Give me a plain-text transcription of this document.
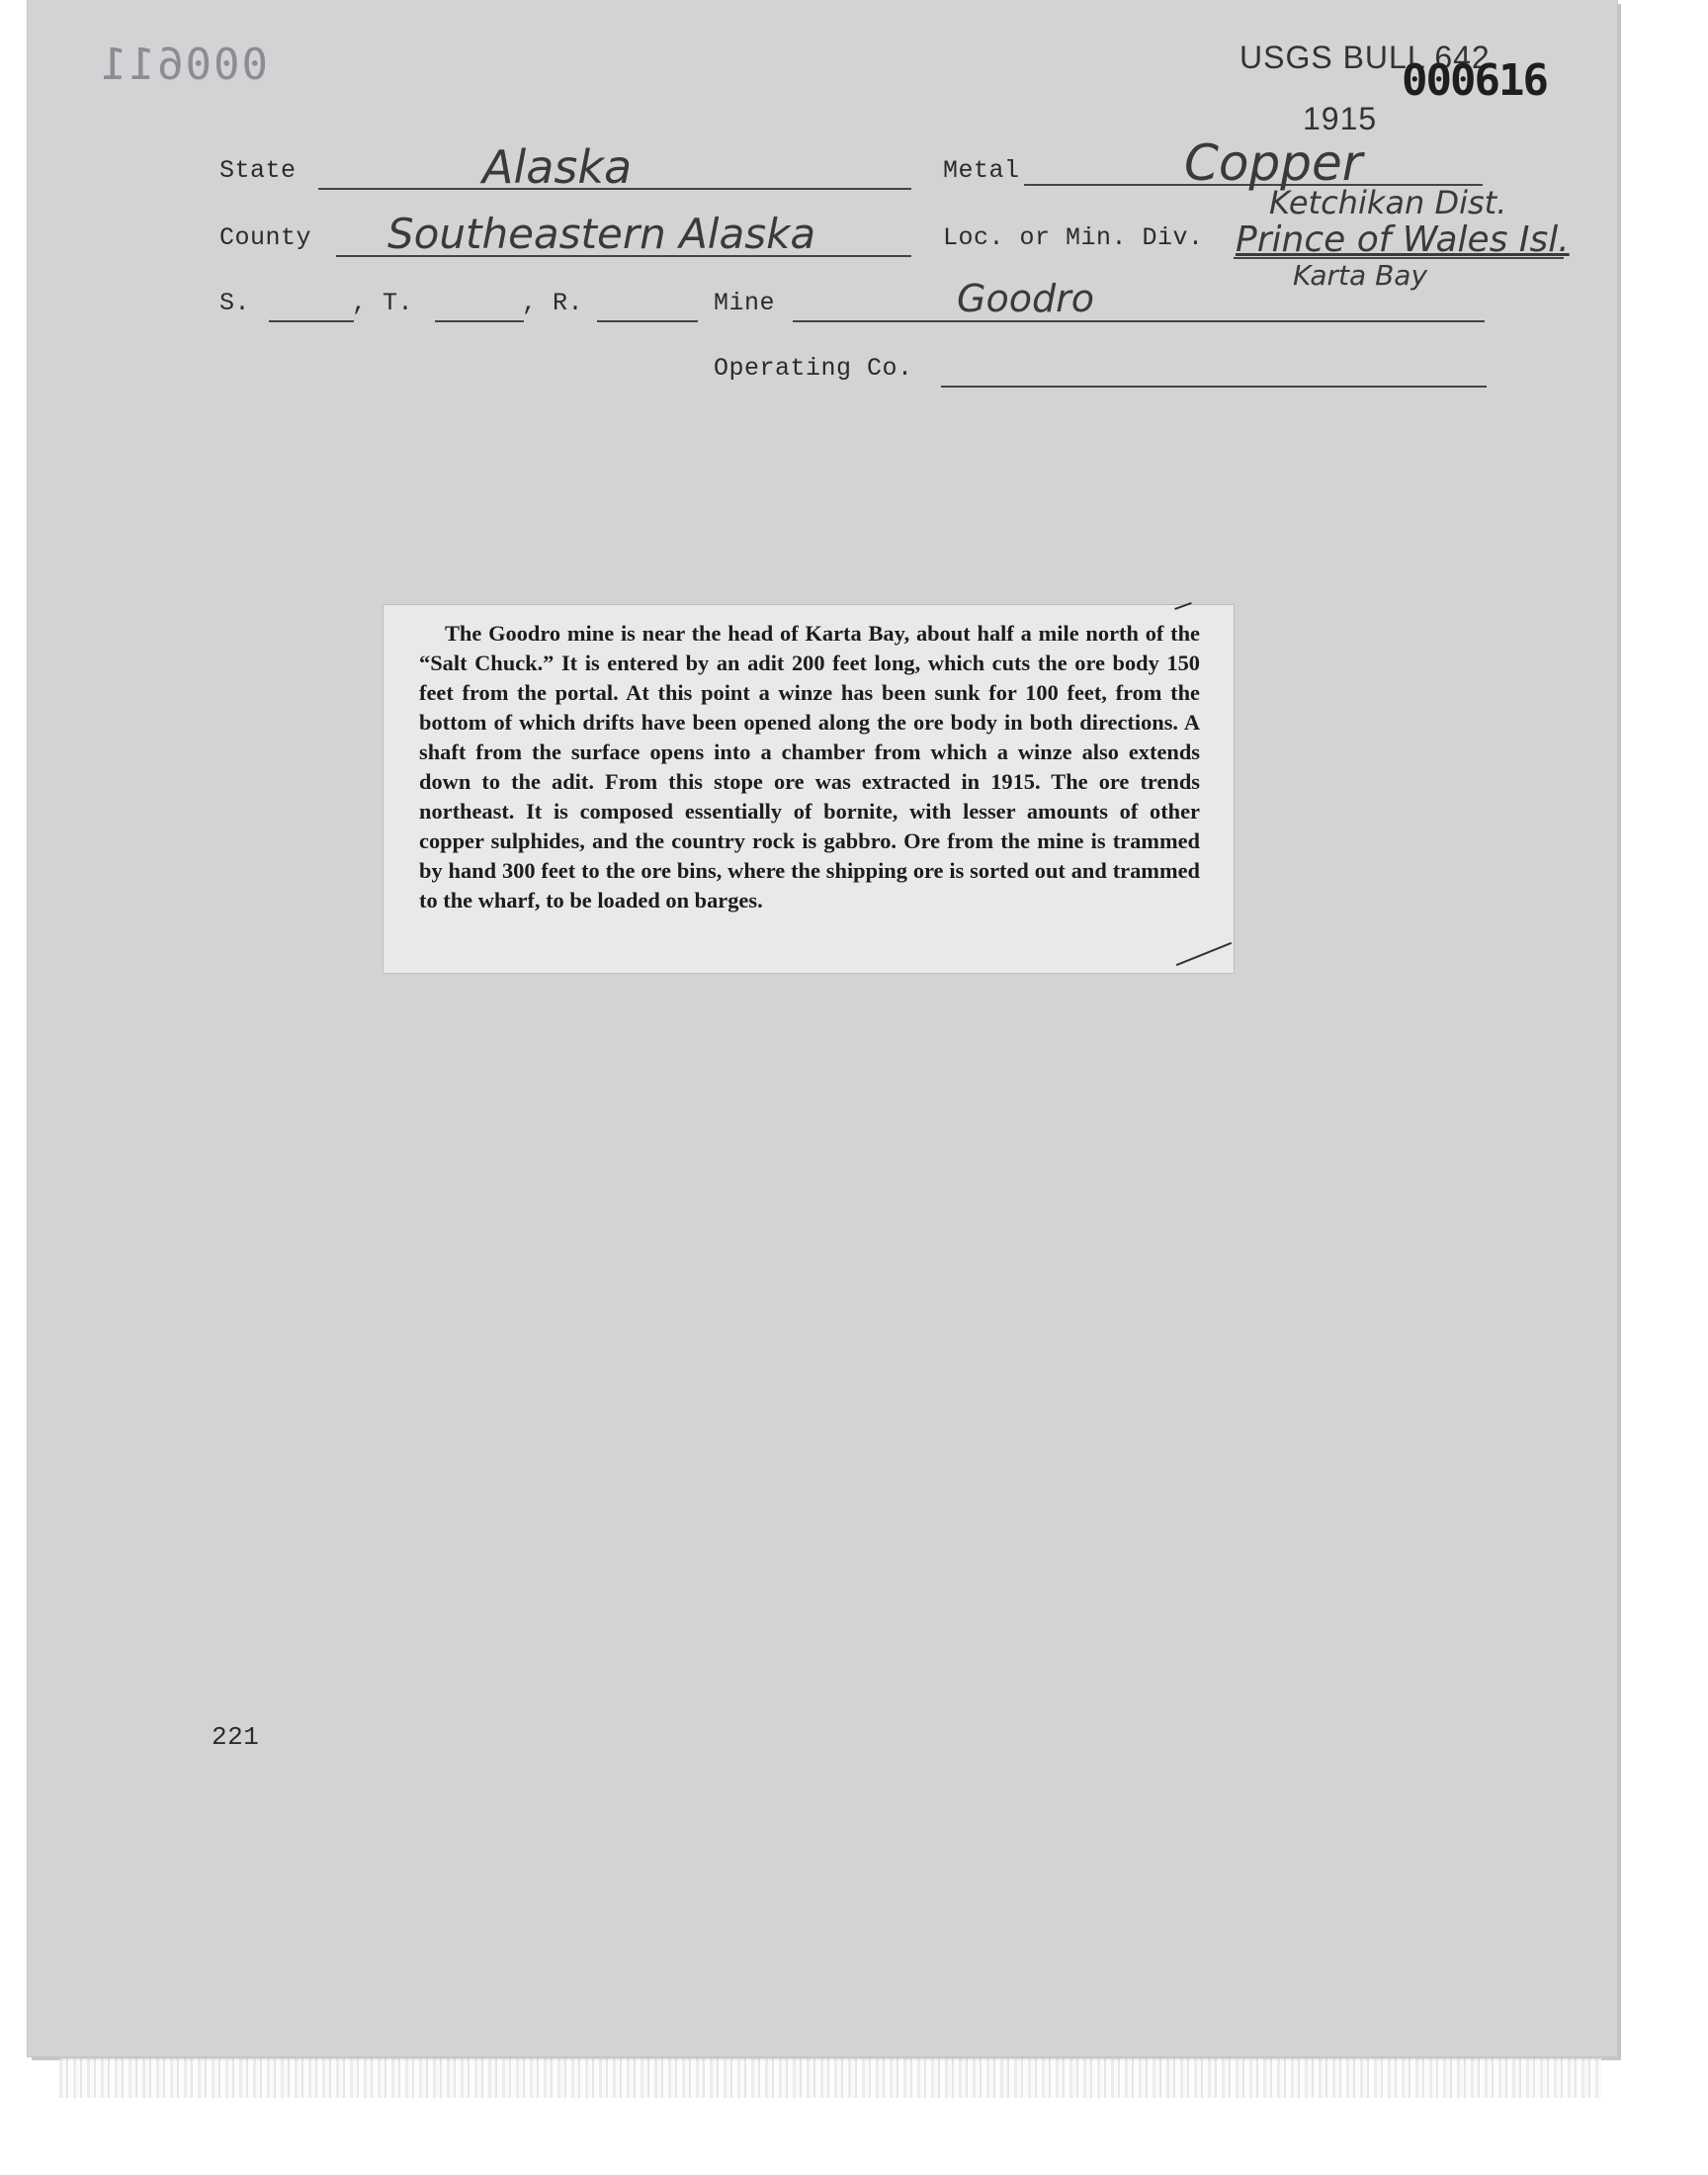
000611	USGS BULL 642
000616
1915
State	Alaska	Metal	Copper
County Southeastern Alaska	Loc. or Min. Div.
Ketchikan Dist.
Prince of Wales Isl.
Karta Bay
S.	, T.	, R.	Mine	Goodro
Operating Co.

The Goodro mine is near the head of Karta Bay, about half a mile north of the “Salt Chuck.” It is entered by an adit 200 feet long, which cuts the ore body 150 feet from the portal. At this point a winze has been sunk for 100 feet, from the bottom of which drifts have been opened along the ore body in both directions. A shaft from the surface opens into a chamber from which a winze also extends down to the adit. From this stope ore was extracted in 1915. The ore trends northeast. It is composed essentially of bornite, with lesser amounts of other copper sulphides, and the country rock is gabbro. Ore from the mine is trammed by hand 300 feet to the ore bins, where the shipping ore is sorted out and trammed to the wharf, to be loaded on barges.

221
